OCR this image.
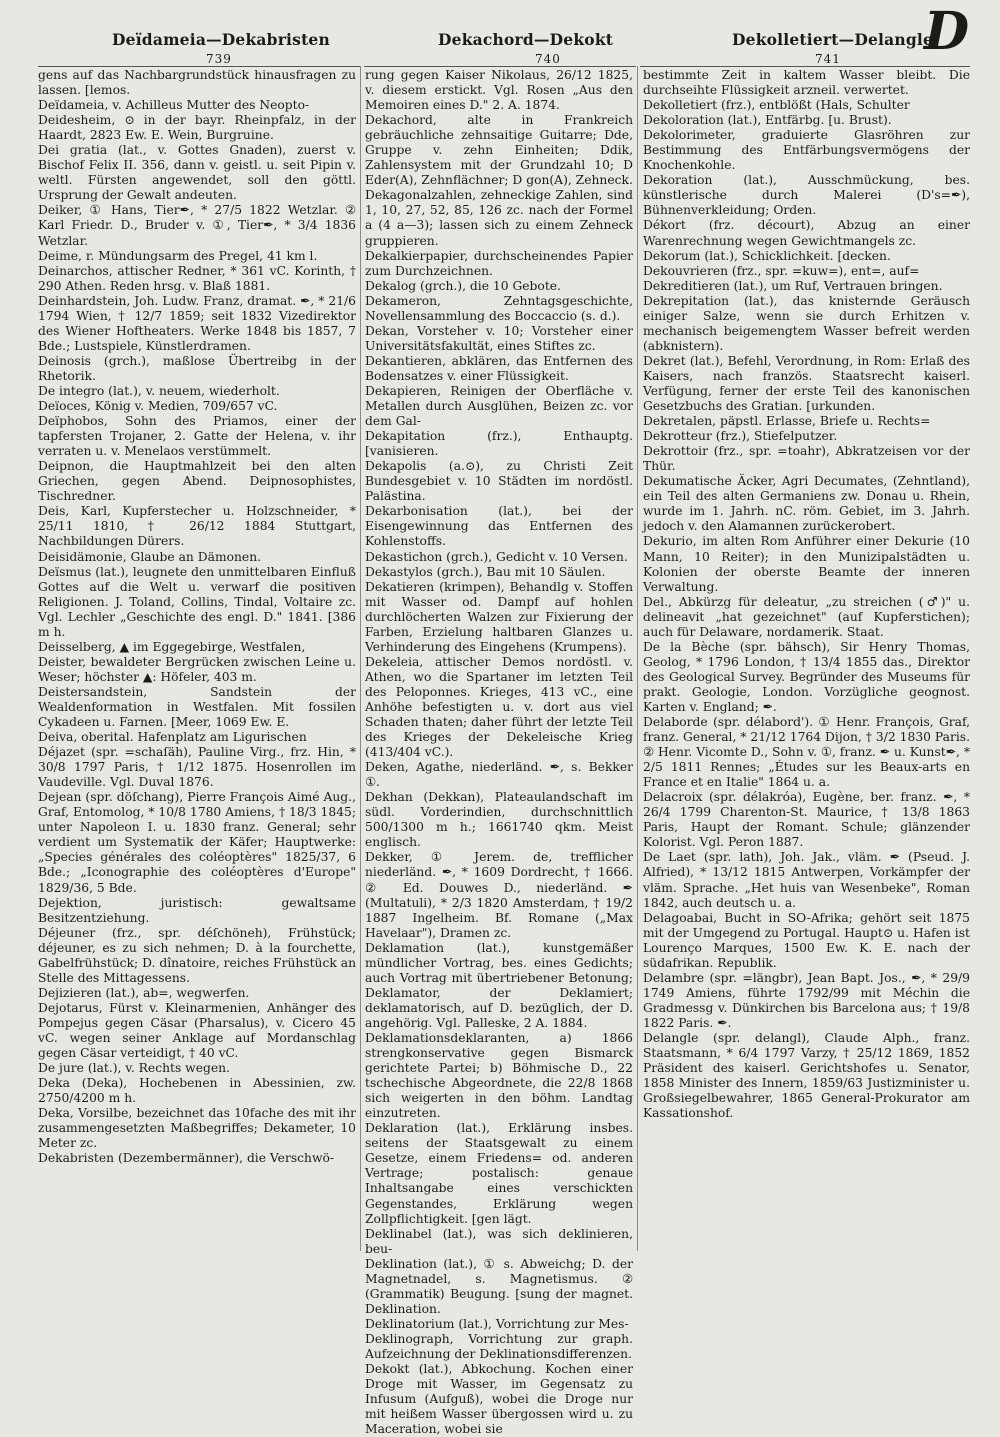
Deïdameia—Dekabristen	Dekachord—Dekokt	Dekolletiert—Delangle
D
739	740	741

gens auf das Nachbargrundstück hinausfragen zu lassen. [lemos.

Deïdameia, v. Achilleus Mutter des Neopto-

Deidesheim, ⊙ in der bayr. Rheinpfalz, in der Haardt, 2823 Ew. E. Wein, Burgruine.

Dei gratia (lat., v. Gottes Gnaden), zuerst v. Bischof Felix II. 356, dann v. geistl. u. seit Pipin v. weltl. Fürsten angewendet, soll den göttl. Ursprung der Gewalt andeuten.

Deiker, ① Hans, Tier✒, * 27/5 1822 Wetzlar. ② Karl Friedr. D., Bruder v. ①, Tier✒, * 3/4 1836 Wetzlar.

Deime, r. Mündungsarm des Pregel, 41 km l.

Deinarchos, attischer Redner, * 361 vC. Korinth, † 290 Athen. Reden hrsg. v. Blaß 1881.

Deinhardstein, Joh. Ludw. Franz, dramat. ✒, * 21/6 1794 Wien, † 12/7 1859; seit 1832 Vizedirektor des Wiener Hoftheaters. Werke 1848 bis 1857, 7 Bde.; Lustspiele, Künstlerdramen.

Deinosis (grch.), maßlose Übertreibg in der Rhetorik.

De integro (lat.), v. neuem, wiederholt.

Deïoces, König v. Medien, 709/657 vC.

Deïphobos, Sohn des Priamos, einer der tapfersten Trojaner, 2. Gatte der Helena, v. ihr verraten u. v. Menelaos verstümmelt.

Deipnon, die Hauptmahlzeit bei den alten Griechen, gegen Abend. Deipnosophistes, Tischredner.

Deis, Karl, Kupferstecher u. Holzschneider, * 25/11 1810, † 26/12 1884 Stuttgart, Nachbildungen Dürers.

Deisidämonie, Glaube an Dämonen.

Deïsmus (lat.), leugnete den unmittelbaren Einfluß Gottes auf die Welt u. verwarf die positiven Religionen. J. Toland, Collins, Tindal, Voltaire zc. Vgl. Lechler „Geschichte des engl. D." 1841. [386 m h.

Deisselberg, ▲ im Eggegebirge, Westfalen,

Deister, bewaldeter Bergrücken zwischen Leine u. Weser; höchster ▲: Höfeler, 403 m.

Deistersandstein, Sandstein der Wealdenformation in Westfalen. Mit fossilen Cykadeen u. Farnen. [Meer, 1069 Ew. E.

Deiva, oberital. Hafenplatz am Ligurischen

Déjazet (spr. =schaſäh), Pauline Virg., frz. Hin, * 30/8 1797 Paris, † 1/12 1875. Hosenrollen im Vaudeville. Vgl. Duval 1876.

Dejean (spr. döſchang), Pierre François Aimé Aug., Graf, Entomolog, * 10/8 1780 Amiens, † 18/3 1845; unter Napoleon I. u. 1830 franz. General; sehr verdient um Systematik der Käfer; Hauptwerke: „Species générales des coléoptères" 1825/37, 6 Bde.; „Iconographie des coléoptères d'Europe" 1829/36, 5 Bde.

Dejektion, juristisch: gewaltsame Besitzentziehung.

Déjeuner (frz., spr. déſchöneh), Frühstück; déjeuner, es zu sich nehmen; D. à la fourchette, Gabelfrühstück; D. dînatoire, reiches Frühstück an Stelle des Mittagessens.

Dejizieren (lat.), ab=, wegwerfen.

Dejotarus, Fürst v. Kleinarmenien, Anhänger des Pompejus gegen Cäsar (Pharsalus), v. Cicero 45 vC. wegen seiner Anklage auf Mordanschlag gegen Cäsar verteidigt, † 40 vC.

De jure (lat.), v. Rechts wegen.

Deka (Deka), Hochebenen in Abessinien, zw. 2750/4200 m h.

Deka, Vorsilbe, bezeichnet das 10fache des mit ihr zusammengesetzten Maßbegriffes; Dekameter, 10 Meter zc.

Dekabristen (Dezembermänner), die Verschwö-

rung gegen Kaiser Nikolaus, 26/12 1825, v. diesem erstickt. Vgl. Rosen „Aus den Memoiren eines D." 2. A. 1874.

Dekachord, alte in Frankreich gebräuchliche zehnsaitige Guitarre; Dde, Gruppe v. zehn Einheiten; Ddik, Zahlensystem mit der Grundzahl 10; D Eder(A), Zehnflächner; D gon(A), Zehneck.

Dekagonalzahlen, zehneckige Zahlen, sind 1, 10, 27, 52, 85, 126 zc. nach der Formel a (4 a—3); lassen sich zu einem Zehneck gruppieren.

Dekalkierpapier, durchscheinendes Papier zum Durchzeichnen.

Dekalog (grch.), die 10 Gebote.

Dekameron, Zehntagsgeschichte, Novellensammlung des Boccaccio (s. d.).

Dekan, Vorsteher v. 10; Vorsteher einer Universitätsfakultät, eines Stiftes zc.

Dekantieren, abklären, das Entfernen des Bodensatzes v. einer Flüssigkeit.

Dekapieren, Reinigen der Oberfläche v. Metallen durch Ausglühen, Beizen zc. vor dem Gal-

Dekapitation (frz.), Enthauptg. [vanisieren.

Dekapolis (a.⊙), zu Christi Zeit Bundesgebiet v. 10 Städten im nordöstl. Palästina.

Dekarbonisation (lat.), bei der Eisengewinnung das Entfernen des Kohlenstoffs.

Dekastichon (grch.), Gedicht v. 10 Versen.

Dekastylos (grch.), Bau mit 10 Säulen.

Dekatieren (krimpen), Behandlg v. Stoffen mit Wasser od. Dampf auf hohlen durchlöcherten Walzen zur Fixierung der Farben, Erzielung haltbaren Glanzes u. Verhinderung des Eingehens (Krumpens).

Dekeleia, attischer Demos nordöstl. v. Athen, wo die Spartaner im letzten Teil des Peloponnes. Krieges, 413 vC., eine Anhöhe befestigten u. v. dort aus viel Schaden thaten; daher führt der letzte Teil des Krieges der Dekeleische Krieg (413/404 vC.).

Deken, Agathe, niederländ. ✒, s. Bekker ①.

Dekhan (Dekkan), Plateaulandschaft im südl. Vorderindien, durchschnittlich 500/1300 m h.; 1661740 qkm. Meist englisch.

Dekker, ① Jerem. de, trefflicher niederländ. ✒, * 1609 Dordrecht, † 1666. ② Ed. Douwes D., niederländ. ✒ (Multatuli), * 2/3 1820 Amsterdam, † 19/2 1887 Ingelheim. Bf. Romane („Max Havelaar"), Dramen zc.

Deklamation (lat.), kunstgemäßer mündlicher Vortrag, bes. eines Gedichts; auch Vortrag mit übertriebener Betonung; Deklamator, der Deklamiert; deklamatorisch, auf D. bezüglich, der D. angehörig. Vgl. Palleske, 2 A. 1884.

Deklamationsdeklaranten, a) 1866 strengkonservative gegen Bismarck gerichtete Partei; b) Böhmische D., 22 tschechische Abgeordnete, die 22/8 1868 sich weigerten in den böhm. Landtag einzutreten.

Deklaration (lat.), Erklärung insbes. seitens der Staatsgewalt zu einem Gesetze, einem Friedens= od. anderen Vertrage; postalisch: genaue Inhaltsangabe eines verschickten Gegenstandes, Erklärung wegen Zollpflichtigkeit. [gen lägt.

Deklinabel (lat.), was sich deklinieren, beu-

Deklination (lat.), ① s. Abweichg; D. der Magnetnadel, s. Magnetismus. ② (Grammatik) Beugung. [sung der magnet. Deklination.

Deklinatorium (lat.), Vorrichtung zur Mes-

Deklinograph, Vorrichtung zur graph. Aufzeichnung der Deklinationsdifferenzen.

Dekokt (lat.), Abkochung. Kochen einer Droge mit Wasser, im Gegensatz zu Infusum (Aufguß), wobei die Droge nur mit heißem Wasser übergossen wird u. zu Maceration, wobei sie

bestimmte Zeit in kaltem Wasser bleibt. Die durchseihte Flüssigkeit arzneil. verwertet.

Dekolletiert (frz.), entblößt (Hals, Schulter

Dekoloration (lat.), Entfärbg. [u. Brust).

Dekolorimeter, graduierte Glasröhren zur Bestimmung des Entfärbungsvermögens der Knochenkohle.

Dekoration (lat.), Ausschmückung, bes. künstlerische durch Malerei (D's=✒), Bühnenverkleidung; Orden.

Dékort (frz. décourt), Abzug an einer Warenrechnung wegen Gewichtmangels zc.

Dekorum (lat.), Schicklichkeit. [decken.

Dekouvrieren (frz., spr. =kuw=), ent=, auf=

Dekreditieren (lat.), um Ruf, Vertrauen bringen.

Dekrepitation (lat.), das knisternde Geräusch einiger Salze, wenn sie durch Erhitzen v. mechanisch beigemengtem Wasser befreit werden (abknistern).

Dekret (lat.), Befehl, Verordnung, in Rom: Erlaß des Kaisers, nach französ. Staatsrecht kaiserl. Verfügung, ferner der erste Teil des kanonischen Gesetzbuchs des Gratian. [urkunden.

Dekretalen, päpstl. Erlasse, Briefe u. Rechts=

Dekrotteur (frz.), Stiefelputzer.

Dekrottoir (frz., spr. =toahr), Abkratzeisen vor der Thür.

Dekumatische Äcker, Agri Decumates, (Zehntland), ein Teil des alten Germaniens zw. Donau u. Rhein, wurde im 1. Jahrh. nC. röm. Gebiet, im 3. Jahrh. jedoch v. den Alamannen zurückerobert.

Dekurio, im alten Rom Anführer einer Dekurie (10 Mann, 10 Reiter); in den Munizipalstädten u. Kolonien der oberste Beamte der inneren Verwaltung.

Del., Abkürzg für deleatur, „zu streichen (♂)" u. delineavit „hat gezeichnet" (auf Kupferstichen); auch für Delaware, nordamerik. Staat.

De la Bèche (spr. bähsch), Sir Henry Thomas, Geolog, * 1796 London, † 13/4 1855 das., Direktor des Geological Survey. Begründer des Museums für prakt. Geologie, London. Vorzügliche geognost. Karten v. England; ✒.

Delaborde (spr. délabord'). ① Henr. François, Graf, franz. General, * 21/12 1764 Dijon, † 3/2 1830 Paris. ② Henr. Vicomte D., Sohn v. ①, franz. ✒ u. Kunst✒, * 2/5 1811 Rennes; „Études sur les Beaux-arts en France et en Italie" 1864 u. a.

Delacroix (spr. délakróa), Eugène, ber. franz. ✒, * 26/4 1799 Charenton-St. Maurice, † 13/8 1863 Paris, Haupt der Romant. Schule; glänzender Kolorist. Vgl. Peron 1887.

De Laet (spr. lath), Joh. Jak., vläm. ✒ (Pseud. J. Alfried), * 13/12 1815 Antwerpen, Vorkämpfer der vläm. Sprache. „Het huis van Wesenbeke", Roman 1842, auch deutsch u. a.

Delagoabai, Bucht in SO-Afrika; gehört seit 1875 mit der Umgegend zu Portugal. Haupt⊙ u. Hafen ist Lourenço Marques, 1500 Ew. K. E. nach der südafrikan. Republik.

Delambre (spr. =längbr), Jean Bapt. Jos., ✒, * 29/9 1749 Amiens, führte 1792/99 mit Méchin die Gradmessg v. Dünkirchen bis Barcelona aus; † 19/8 1822 Paris. ✒.

Delangle (spr. delangl), Claude Alph., franz. Staatsmann, * 6/4 1797 Varzy, † 25/12 1869, 1852 Präsident des kaiserl. Gerichtshofes u. Senator, 1858 Minister des Innern, 1859/63 Justizminister u. Großsiegelbewahrer, 1865 General-Prokurator am Kassationshof.
